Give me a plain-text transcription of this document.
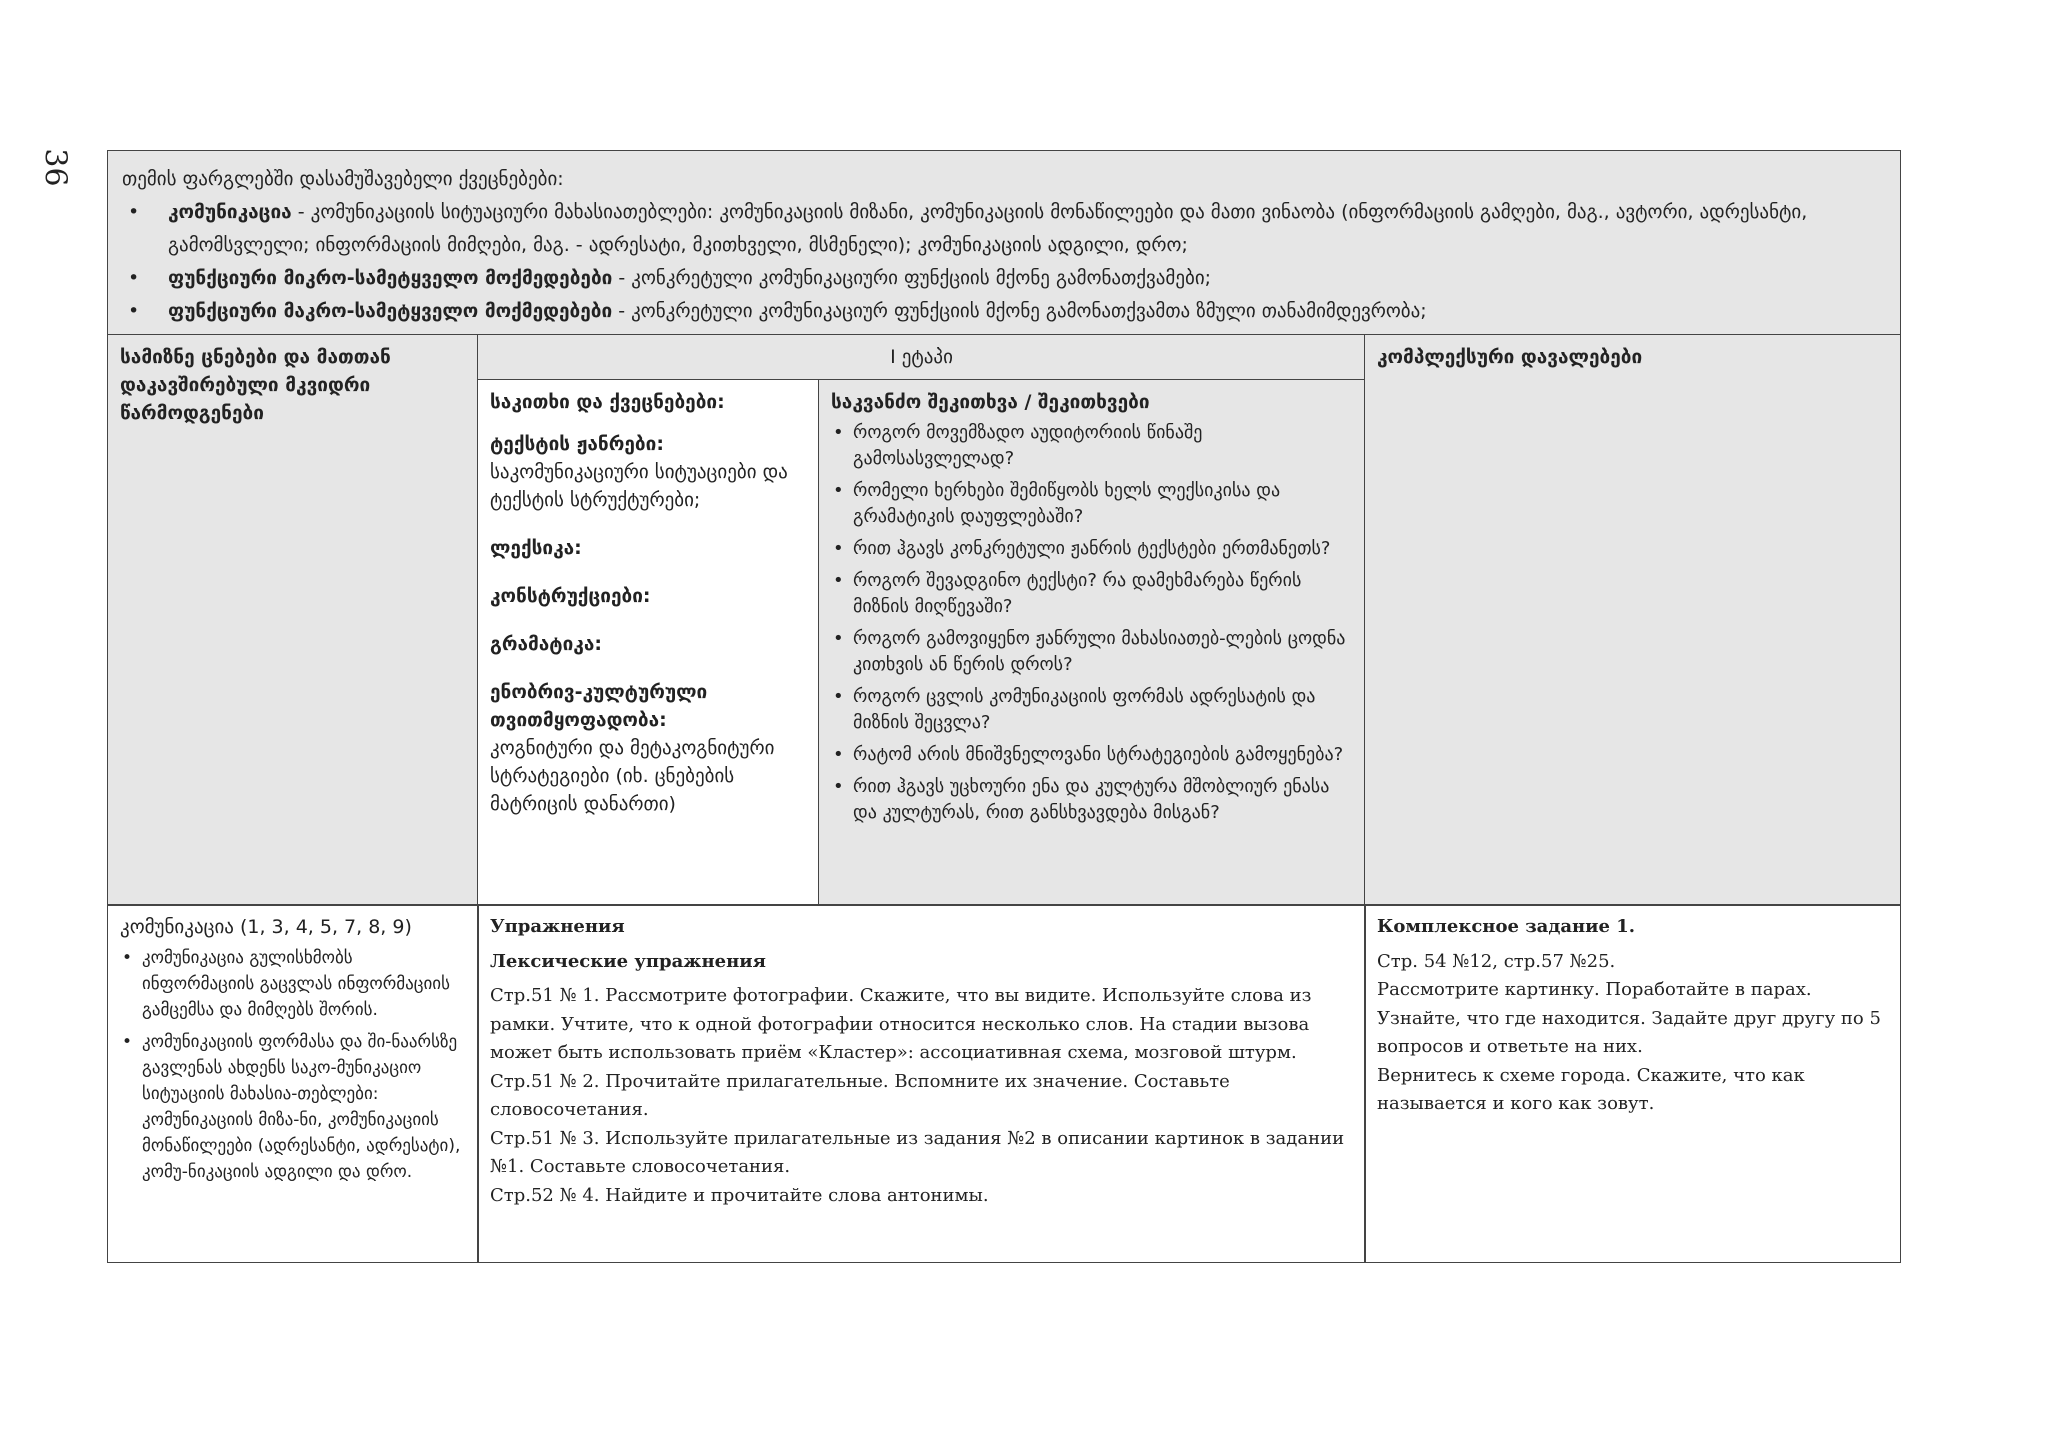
36	თემის ფარგლებში დასამუშავებელი ქვეცნებები:
• კომუნიკაცია - კომუნიკაციის სიტუაციური მახასიათებლები: კომუნიკაციის მიზანი, კომუნიკაციის მონაწილეები და მათი ვინაობა (ინფორმაციის გამღები, მაგ., ავტორი, ადრესანტი, გამომსვლელი; ინფორმაციის მიმღები, მაგ. - ადრესატი, მკითხველი, მსმენელი); კომუნიკაციის ადგილი, დრო;
• ფუნქციური მიკრო-სამეტყველო მოქმედებები - კონკრეტული კომუნიკაციური ფუნქციის მქონე გამონათქვამები;
• ფუნქციური მაკრო-სამეტყველო მოქმედებები - კონკრეტული კომუნიკაციურ ფუნქციის მქონე გამონათქვამთა ზმული თანამიმდევრობა;
სამიზნე ცნებები და მათთან დაკავშირებული მკვიდრი წარმოდგენები
I ეტაპი
საკითხი და ქვეცნებები:
ტექსტის ჟანრები:
საკომუნიკაციური სიტუაციები და ტექსტის სტრუქტურები;
ლექსიკა:
კონსტრუქციები:
გრამატიკა:
ენობრივ-კულტურული თვითმყოფადობა:
კოგნიტური და მეტაკოგნიტური სტრატეგიები (იხ. ცნებების მატრიცის დანართი)
საკვანძო შეკითხვა / შეკითხვები
• როგორ მოვემზადო აუდიტორიის წინაშე გამოსასვლელად?
• რომელი ხერხები შემიწყობს ხელს ლექსიკისა და გრამატიკის დაუფლებაში?
• რით ჰგავს კონკრეტული ჟანრის ტექსტები ერთმანეთს?
• როგორ შევადგინო ტექსტი? რა დამეხმარება წერის მიზნის მიღწევაში?
• როგორ გამოვიყენო ჟანრული მახასიათებ-ლების ცოდნა კითხვის ან წერის დროს?
• როგორ ცვლის კომუნიკაციის ფორმას ადრესატის და მიზნის შეცვლა?
• რატომ არის მნიშვნელოვანი სტრატეგიების გამოყენება?
• რით ჰგავს უცხოური ენა და კულტურა მშობლიურ ენასა და კულტურას, რით განსხვავდება მისგან?
კომპლექსური დავალებები
კომუნიკაცია (1, 3, 4, 5, 7, 8, 9)
• კომუნიკაცია გულისხმობს ინფორმაციის გაცვლას ინფორმაციის გამცემსა და მიმღებს შორის.
• კომუნიკაციის ფორმასა და ში-ნაარსზე გავლენას ახდენს საკო-მუნიკაციო სიტუაციის მახასია-თებლები: კომუნიკაციის მიზა-ნი, კომუნიკაციის მონაწილეები (ადრესანტი, ადრესატი), კომუ-ნიკაციის ადგილი და დრო.

Упражнения

Лексические упражнения

Стр.51 № 1. Рассмотрите фотографии. Скажите, что вы видите. Используйте слова из рамки. Учтите, что к одной фотографии относится несколько слов. На стадии вызова может быть использовать приём «Кластер»: ассоциативная схема, мозговой штурм.

Стр.51 № 2. Прочитайте прилагательные. Вспомните их значение. Составьте словосочетания.

Стр.51 № 3. Используйте прилагательные из задания №2 в описании картинок в задании №1. Составьте словосочетания.

Стр.52 № 4. Найдите и прочитайте слова антонимы.

Комплексное задание 1.

Стр. 54 №12, стр.57 №25.

Рассмотрите картинку. Поработайте в парах. Узнайте, что где находится. Задайте друг другу по 5 вопросов и ответьте на них.

Вернитесь к схеме города. Скажите, что как называется и кого как зовут.
